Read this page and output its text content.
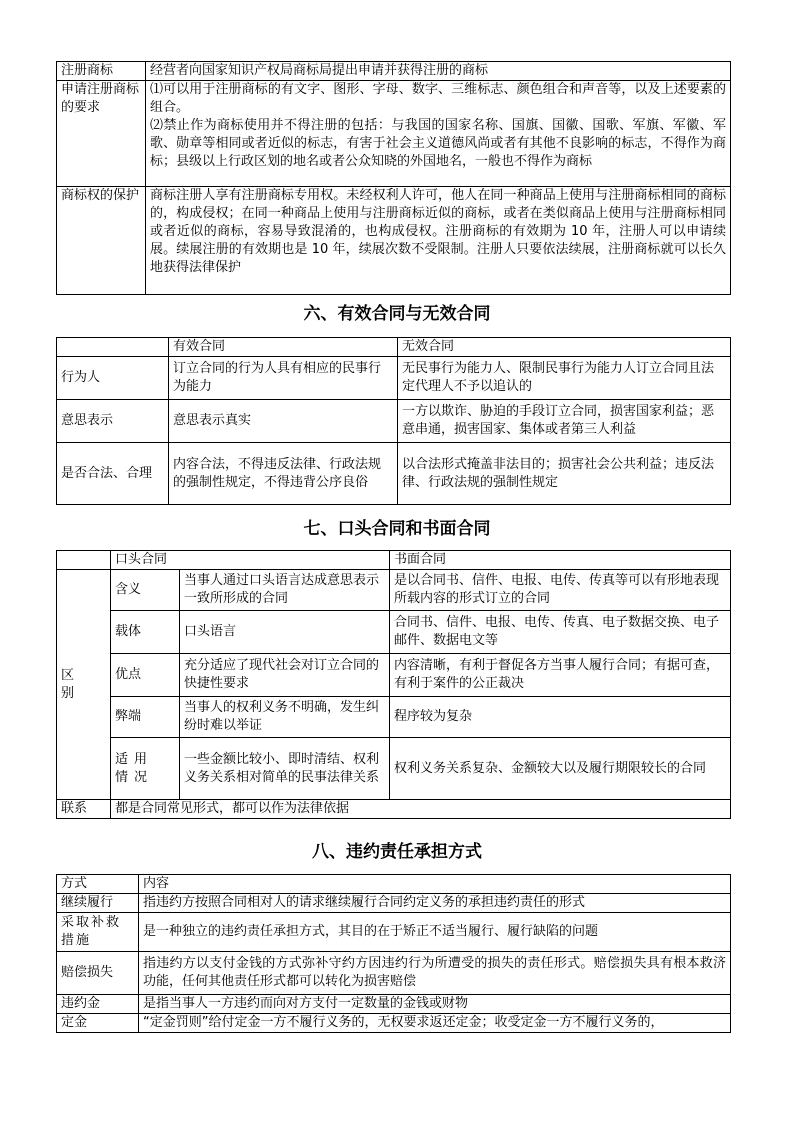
注册商标	经营者向国家知识产权局商标局提出申请并获得注册的商标
申请注册商标的要求	⑴可以用于注册商标的有文字、图形、字母、数字、三维标志、颜色组合和声音等，以及上述要素的组合。
⑵禁止作为商标使用并不得注册的包括：与我国的国家名称、国旗、国徽、国歌、军旗、军徽、军歌、勋章等相同或者近似的标志，有害于社会主义道德风尚或者有其他不良影响的标志，不得作为商标；县级以上行政区划的地名或者公众知晓的外国地名，一般也不得作为商标

商标权的保护	商标注册人享有注册商标专用权。未经权利人许可，他人在同一种商品上使用与注册商标相同的商标的，构成侵权；在同一种商品上使用与注册商标近似的商标，或者在类似商品上使用与注册商标相同或者近似的商标，容易导致混淆的，也构成侵权。注册商标的有效期为 10 年，注册人可以申请续展。续展注册的有效期也是 10 年，续展次数不受限制。注册人只要依法续展，注册商标就可以长久地获得法律保护
六、有效合同与无效合同
	有效合同	无效合同
行为人	订立合同的行为人具有相应的民事行为能力	无民事行为能力人、限制民事行为能力人订立合同且法定代理人不予以追认的
意思表示	意思表示真实	一方以欺诈、胁迫的手段订立合同，损害国家利益；恶意串通，损害国家、集体或者第三人利益
是否合法、合理	内容合法，不得违反法律、行政法规的强制性规定，不得违背公序良俗	以合法形式掩盖非法目的；损害社会公共利益；违反法律、行政法规的强制性规定
七、口头合同和书面合同
	口头合同		书面合同

区别	含义	当事人通过口头语言达成意思表示一致所形成的合同	是以合同书、信件、电报、电传、传真等可以有形地表现所载内容的形式订立的合同
	载体	口头语言	合同书、信件、电报、电传、传真、电子数据交换、电子邮件、数据电文等
	优点	充分适应了现代社会对订立合同的快捷性要求	内容清晰，有利于督促各方当事人履行合同；有据可查，有利于案件的公正裁决
	弊端	当事人的权利义务不明确，发生纠纷时难以举证	程序较为复杂

	适用情况	一些金额比较小、即时清结、权利义务关系相对简单的民事法律关系	权利义务关系复杂、金额较大以及履行期限较长的合同
联系	都是合同常见形式，都可以作为法律依据		
八、违约责任承担方式
方式	内容
继续履行	指违约方按照合同相对人的请求继续履行合同约定义务的承担违约责任的形式
采取补救措施	是一种独立的违约责任承担方式，其目的在于矫正不适当履行、履行缺陷的问题
赔偿损失	指违约方以支付金钱的方式弥补守约方因违约行为所遭受的损失的责任形式。赔偿损失具有根本救济功能，任何其他责任形式都可以转化为损害赔偿
违约金	是指当事人一方违约而向对方支付一定数量的金钱或财物
定金	“定金罚则”给付定金一方不履行义务的，无权要求返还定金；收受定金一方不履行义务的，
